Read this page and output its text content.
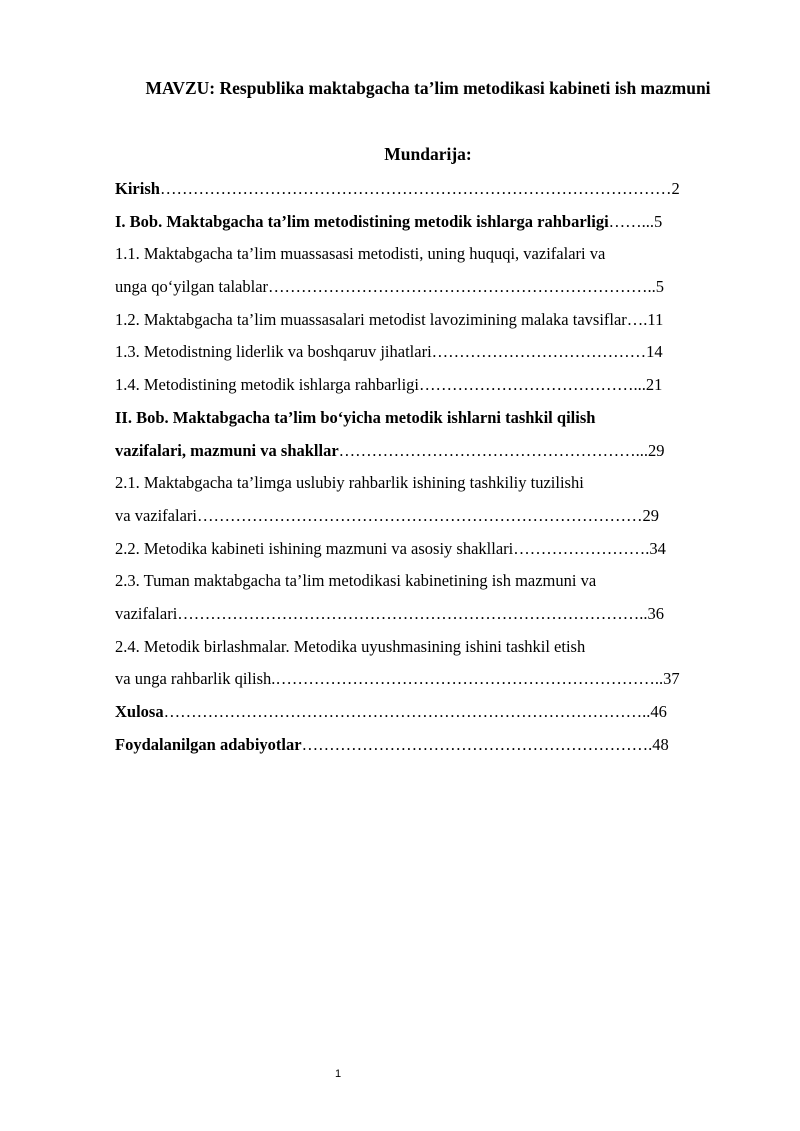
MAVZU: Respublika maktabgacha ta’lim metodikasi kabineti ish mazmuni
Mundarija:
Kirish…………………………………………………………………………………2
I. Bob. Maktabgacha ta’lim metodistining metodik ishlarga rahbarligi……...5
1.1. Maktabgacha ta’lim muassasasi metodisti, uning huquqi, vazifalari va
unga qo‘yilgan talablar……………………………………………………………..5
1.2. Maktabgacha ta’lim muassasalari metodist lavozimining malaka tavsiflar….11
1.3. Metodistning liderlik va boshqaruv jihatlari…………………………………14
1.4. Metodistining metodik ishlarga rahbarligi…………………………………...21
II. Bob. Maktabgacha ta’lim bo‘yicha metodik ishlarni tashkil qilish
vazifalari, mazmuni va shakllar………………………………………………...29
2.1. Maktabgacha ta’limga uslubiy rahbarlik ishining tashkiliy tuzilishi
va vazifalari………………………………………………………………………29
2.2. Metodika kabineti ishining mazmuni va asosiy shakllari…………………….34
2.3. Tuman maktabgacha ta’lim metodikasi kabinetining ish mazmuni va
vazifalari…………………………………………………………………………..36
2.4. Metodik birlashmalar. Metodika uyushmasining ishini tashkil etish
va unga rahbarlik qilish.……………………………………………………………..37
Xulosa……………………………………………………………………………..46
Foydalanilgan adabiyotlar……………………………………………………….48
1
